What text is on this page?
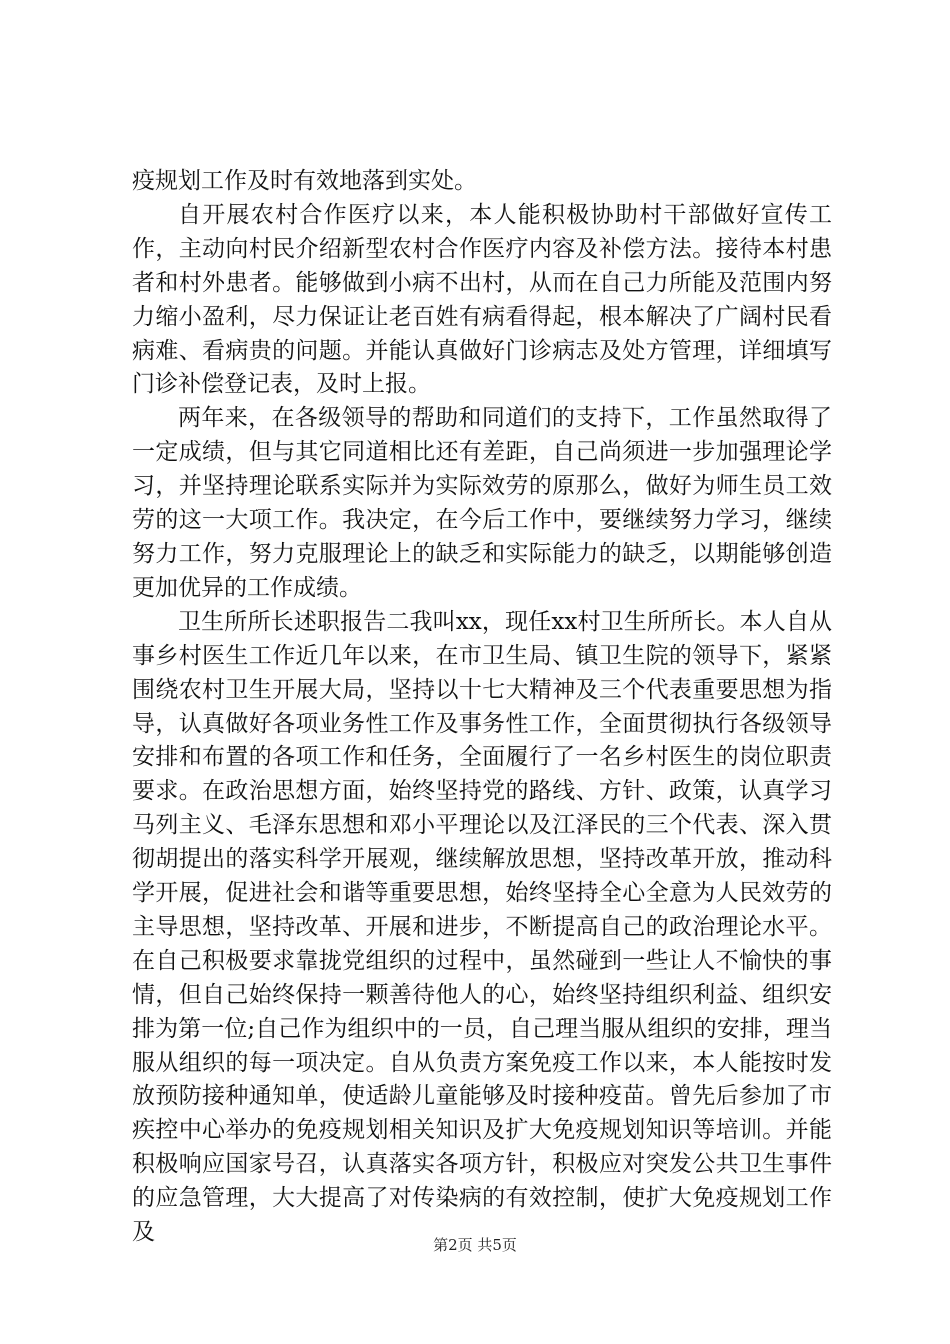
疫规划工作及时有效地落到实处。

自开展农村合作医疗以来，本人能积极协助村干部做好宣传工作，主动向村民介绍新型农村合作医疗内容及补偿方法。接待本村患者和村外患者。能够做到小病不出村，从而在自己力所能及范围内努力缩小盈利，尽力保证让老百姓有病看得起，根本解决了广阔村民看病难、看病贵的问题。并能认真做好门诊病志及处方管理，详细填写门诊补偿登记表，及时上报。

两年来，在各级领导的帮助和同道们的支持下，工作虽然取得了一定成绩，但与其它同道相比还有差距，自己尚须进一步加强理论学习，并坚持理论联系实际并为实际效劳的原那么，做好为师生员工效劳的这一大项工作。我决定，在今后工作中，要继续努力学习，继续努力工作，努力克服理论上的缺乏和实际能力的缺乏，以期能够创造更加优异的工作成绩。

卫生所所长述职报告二我叫xx，现任xx村卫生所所长。本人自从事乡村医生工作近几年以来，在市卫生局、镇卫生院的领导下，紧紧围绕农村卫生开展大局，坚持以十七大精神及三个代表重要思想为指导，认真做好各项业务性工作及事务性工作，全面贯彻执行各级领导安排和布置的各项工作和任务，全面履行了一名乡村医生的岗位职责要求。在政治思想方面，始终坚持党的路线、方针、政策，认真学习马列主义、毛泽东思想和邓小平理论以及江泽民的三个代表、深入贯彻胡提出的落实科学开展观，继续解放思想，坚持改革开放，推动科学开展，促进社会和谐等重要思想，始终坚持全心全意为人民效劳的主导思想，坚持改革、开展和进步，不断提高自己的政治理论水平。在自己积极要求靠拢党组织的过程中，虽然碰到一些让人不愉快的事情，但自己始终保持一颗善待他人的心，始终坚持组织利益、组织安排为第一位;自己作为组织中的一员，自己理当服从组织的安排，理当服从组织的每一项决定。自从负责方案免疫工作以来，本人能按时发放预防接种通知单，使适龄儿童能够及时接种疫苗。曾先后参加了市疾控中心举办的免疫规划相关知识及扩大免疫规划知识等培训。并能积极响应国家号召，认真落实各项方针，积极应对突发公共卫生事件的应急管理，大大提高了对传染病的有效控制，使扩大免疫规划工作及	第2页 共5页
